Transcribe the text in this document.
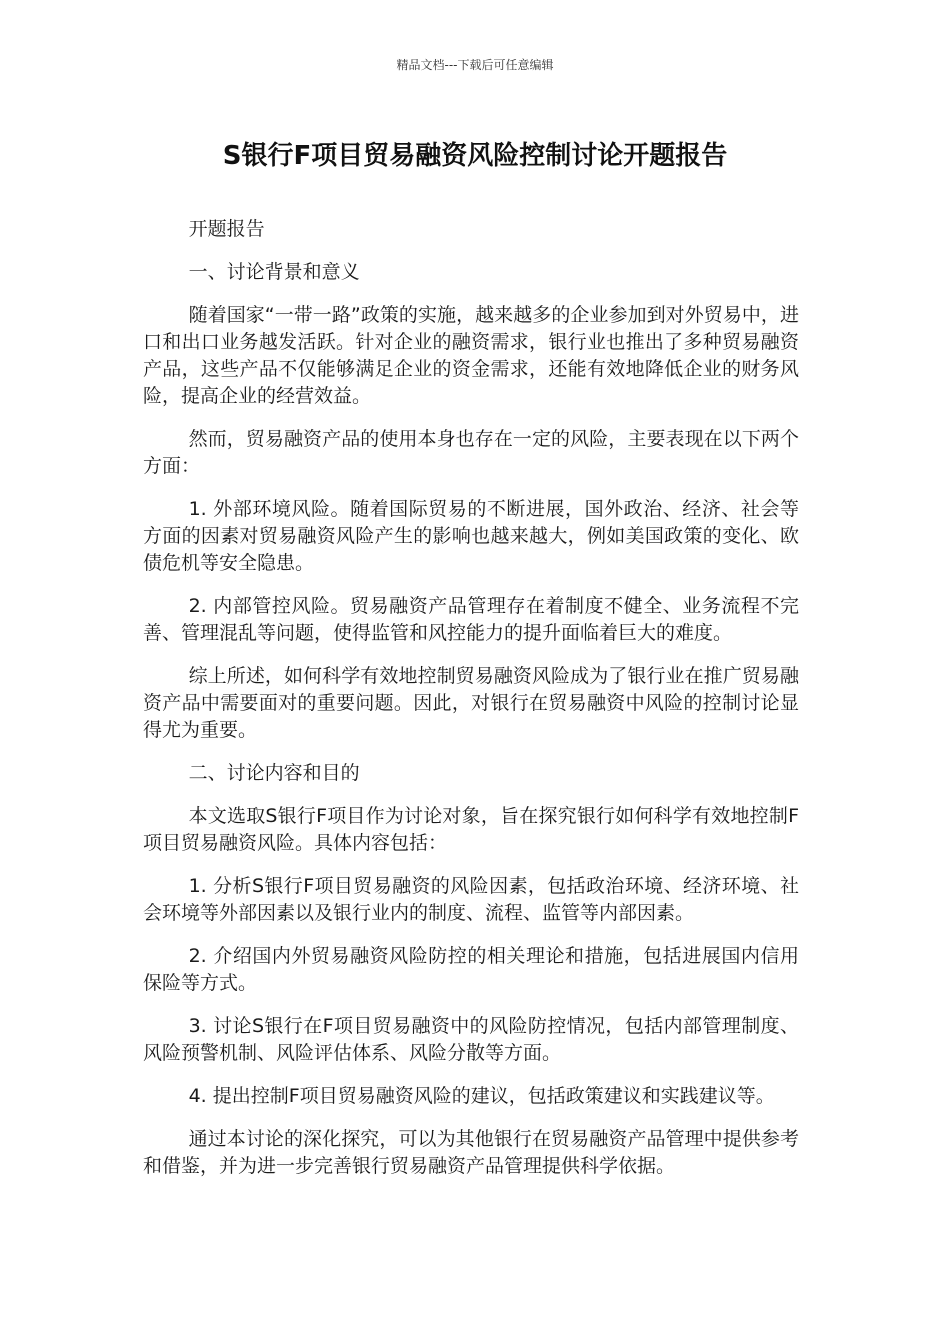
精品文档---下载后可任意编辑
S银行F项目贸易融资风险控制讨论开题报告

开题报告

一、讨论背景和意义

随着国家“一带一路”政策的实施，越来越多的企业参加到对外贸易中，进口和出口业务越发活跃。针对企业的融资需求，银行业也推出了多种贸易融资产品，这些产品不仅能够满足企业的资金需求，还能有效地降低企业的财务风险，提高企业的经营效益。

然而，贸易融资产品的使用本身也存在一定的风险，主要表现在以下两个方面：

1. 外部环境风险。随着国际贸易的不断进展，国外政治、经济、社会等方面的因素对贸易融资风险产生的影响也越来越大，例如美国政策的变化、欧债危机等安全隐患。

2. 内部管控风险。贸易融资产品管理存在着制度不健全、业务流程不完善、管理混乱等问题，使得监管和风控能力的提升面临着巨大的难度。

综上所述，如何科学有效地控制贸易融资风险成为了银行业在推广贸易融资产品中需要面对的重要问题。因此，对银行在贸易融资中风险的控制讨论显得尤为重要。

二、讨论内容和目的

本文选取S银行F项目作为讨论对象，旨在探究银行如何科学有效地控制F项目贸易融资风险。具体内容包括：

1. 分析S银行F项目贸易融资的风险因素，包括政治环境、经济环境、社会环境等外部因素以及银行业内的制度、流程、监管等内部因素。

2. 介绍国内外贸易融资风险防控的相关理论和措施，包括进展国内信用保险等方式。

3. 讨论S银行在F项目贸易融资中的风险防控情况，包括内部管理制度、风险预警机制、风险评估体系、风险分散等方面。

4. 提出控制F项目贸易融资风险的建议，包括政策建议和实践建议等。

通过本讨论的深化探究，可以为其他银行在贸易融资产品管理中提供参考和借鉴，并为进一步完善银行贸易融资产品管理提供科学依据。
